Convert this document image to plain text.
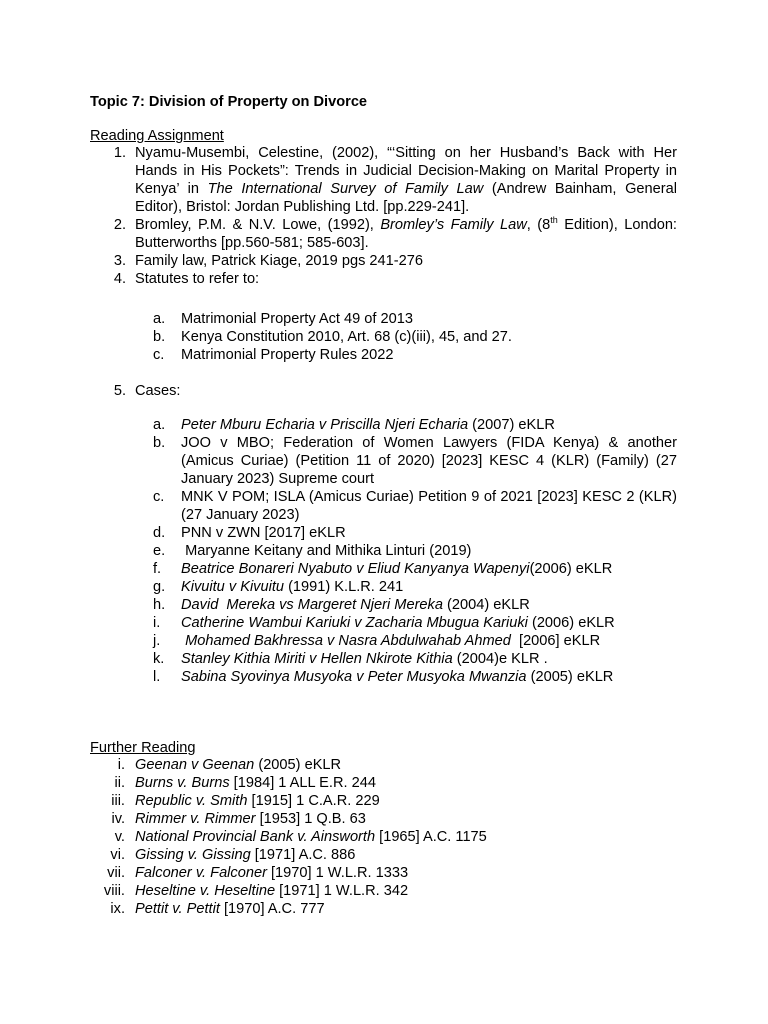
Topic 7: Division of Property on Divorce
Reading Assignment
1. Nyamu-Musembi, Celestine, (2002), “‘Sitting on her Husband’s Back with Her Hands in His Pockets”: Trends in Judicial Decision-Making on Marital Property in Kenya’ in The International Survey of Family Law (Andrew Bainham, General Editor), Bristol: Jordan Publishing Ltd. [pp.229-241].
2. Bromley, P.M. & N.V. Lowe, (1992), Bromley’s Family Law, (8th Edition), London: Butterworths [pp.560-581; 585-603].
3. Family law, Patrick Kiage, 2019 pgs 241-276
4. Statutes to refer to:
a.	Matrimonial Property Act 49 of 2013
b.	Kenya Constitution 2010, Art. 68 (c)(iii), 45, and 27.
c.	Matrimonial Property Rules 2022
5. Cases:
a.	Peter Mburu Echaria v Priscilla Njeri Echaria (2007) eKLR
b.	JOO v MBO; Federation of Women Lawyers (FIDA Kenya) & another (Amicus Curiae) (Petition 11 of 2020) [2023] KESC 4 (KLR) (Family) (27 January 2023) Supreme court
c.	MNK V POM; ISLA (Amicus Curiae) Petition 9 of 2021 [2023] KESC 2 (KLR) (27 January 2023)
d.	PNN v ZWN [2017] eKLR
e.	Maryanne Keitany and Mithika Linturi (2019)
f.	Beatrice Bonareri Nyabuto v Eliud Kanyanya Wapenyi(2006) eKLR
g.	Kivuitu v Kivuitu (1991) K.L.R. 241
h.	David  Mereka vs Margeret Njeri Mereka (2004) eKLR
i.	Catherine Wambui Kariuki v Zacharia Mbugua Kariuki (2006) eKLR
j.	Mohamed Bakhressa v Nasra Abdulwahab Ahmed  [2006] eKLR
k.	Stanley Kithia Miriti v Hellen Nkirote Kithia (2004)e KLR .
l.	Sabina Syovinya Musyoka v Peter Musyoka Mwanzia (2005) eKLR
Further Reading
i. Geenan v Geenan (2005) eKLR
ii. Burns v. Burns [1984] 1 ALL E.R. 244
iii. Republic v. Smith [1915] 1 C.A.R. 229
iv. Rimmer v. Rimmer [1953] 1 Q.B. 63
v. National Provincial Bank v. Ainsworth [1965] A.C. 1175
vi. Gissing v. Gissing [1971] A.C. 886
vii. Falconer v. Falconer [1970] 1 W.L.R. 1333
viii. Heseltine v. Heseltine [1971] 1 W.L.R. 342
ix. Pettit v. Pettit [1970] A.C. 777
